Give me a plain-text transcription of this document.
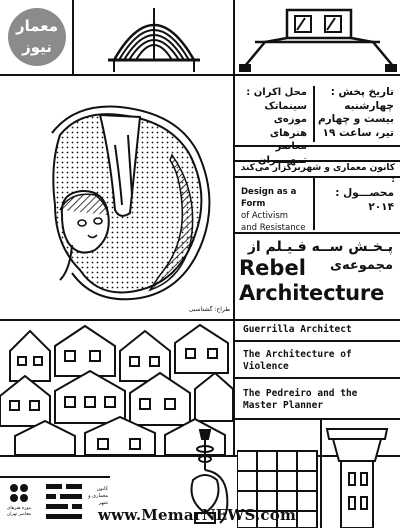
معمار
نیوز
تاریخ پخش :
چهارشنبه
بیست و چهارم
تیر، ساعت ۱۹
محل اکران :
سینماتک موزه‌ی
هنرهای معاصر
تــهــــران
کانون معماری و شهربرگزار می‌کند :
Design as a Form
of Activism
and Resistance
محصـــول :
۲۰۱۴
پـخـش ســه فـیـلم از
مجموعه‌ی
Rebel
Architecture
طراح: گشتاسبی
Guerrilla Architect
The Architecture of
Violence
The Pedreiro and the
Master Planner
موزه هنرهای معاصر تهران
کانون معماری و شهر
www.MemarNEWS.com
